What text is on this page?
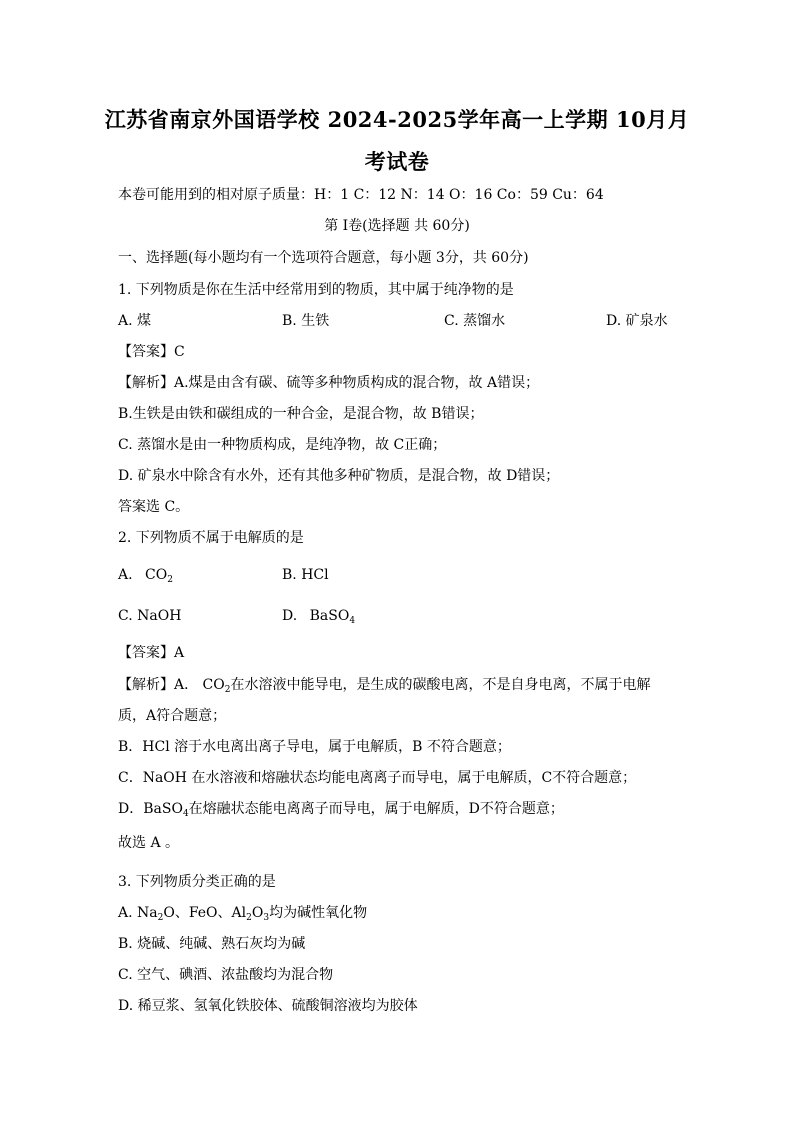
江苏省南京外国语学校 2024-2025学年高一上学期 10月月
考试卷
本卷可能用到的相对原子质量：H：1 C：12 N：14 O：16 Co：59 Cu：64
第 I卷(选择题 共 60分)
一、选择题(每小题均有一个选项符合题意，每小题 3分，共 60分)
1. 下列物质是你在生活中经常用到的物质，其中属于纯净物的是
A. 煤	B. 生铁	C. 蒸馏水	D. 矿泉水
【答案】C
【解析】A.煤是由含有碳、硫等多种物质构成的混合物，故 A错误；
B.生铁是由铁和碳组成的一种合金，是混合物，故 B错误；
C. 蒸馏水是由一种物质构成，是纯净物，故 C正确；
D. 矿泉水中除含有水外，还有其他多种矿物质，是混合物，故 D错误；
答案选 C。
2. 下列物质不属于电解质的是
A. $CO_2$	B. HCl
C. NaOH	D. BaSO$_4$
【答案】A
【解析】A． $CO_2$在水溶液中能导电，是生成的碳酸电离，不是自身电离，不属于电解
质，A符合题意；
B．HCl 溶于水电离出离子导电，属于电解质，B 不符合题意；
C．NaOH 在水溶液和熔融状态均能电离离子而导电，属于电解质，C不符合题意；
D．BaSO$_4$在熔融状态能电离离子而导电，属于电解质，D不符合题意；
故选 A 。
3. 下列物质分类正确的是
A. $Na_2O$、FeO、$Al_2O_3$均为碱性氧化物
B. 烧碱、纯碱、熟石灰均为碱
C. 空气、碘酒、浓盐酸均为混合物
D. 稀豆浆、氢氧化铁胶体、硫酸铜溶液均为胶体
